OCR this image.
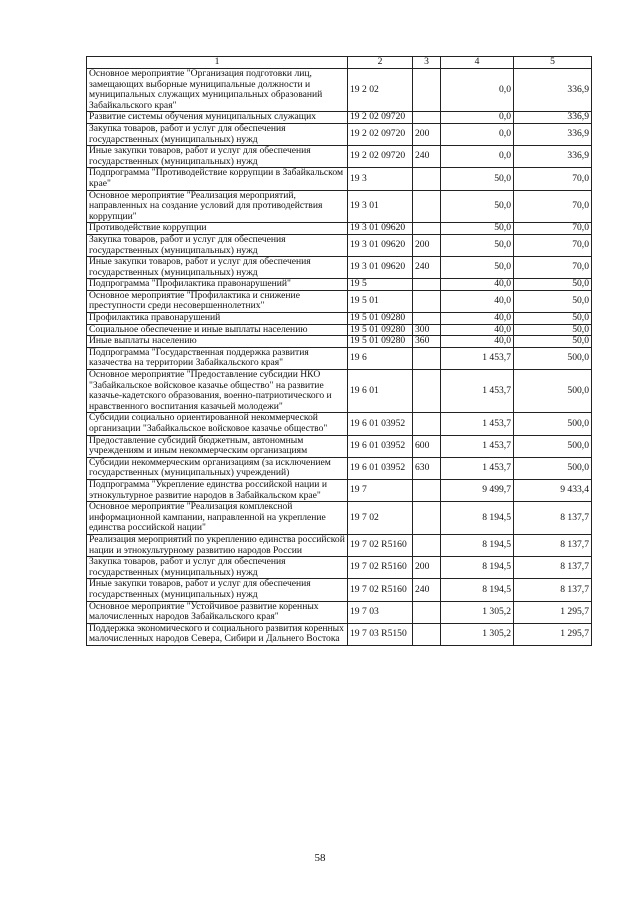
1	2	3	4	5
Основное мероприятие "Организация подготовки лиц, замещающих выборные муниципальные должности и муниципальных служащих муниципальных образований Забайкальского края"	19 2 02		0,0	336,9
Развитие системы обучения муниципальных служащих	19 2 02 09720		0,0	336,9
Закупка товаров, работ и услуг для обеспечения государственных (муниципальных) нужд	19 2 02 09720	200	0,0	336,9
Иные закупки товаров, работ и услуг для обеспечения государственных (муниципальных) нужд	19 2 02 09720	240	0,0	336,9
Подпрограмма "Противодействие коррупции в Забайкальском крае"	19 3		50,0	70,0
Основное мероприятие "Реализация мероприятий, направленных на создание условий для противодействия коррупции"	19 3 01		50,0	70,0
Противодействие коррупции	19 3 01 09620		50,0	70,0
Закупка товаров, работ и услуг для обеспечения государственных (муниципальных) нужд	19 3 01 09620	200	50,0	70,0
Иные закупки товаров, работ и услуг для обеспечения государственных (муниципальных) нужд	19 3 01 09620	240	50,0	70,0
Подпрограмма "Профилактика правонарушений"	19 5		40,0	50,0
Основное мероприятие "Профилактика и снижение преступности среди несовершеннолетних"	19 5 01		40,0	50,0
Профилактика правонарушений	19 5 01 09280		40,0	50,0
Социальное обеспечение и иные выплаты населению	19 5 01 09280	300	40,0	50,0
Иные выплаты населению	19 5 01 09280	360	40,0	50,0
Подпрограмма "Государственная поддержка развития казачества на территории Забайкальского края"	19 6		1 453,7	500,0
Основное мероприятие "Предоставление субсидии НКО "Забайкальское войсковое казачье общество" на развитие казачье-кадетского образования, военно-патриотического и нравственного воспитания казачьей молодежи"	19 6 01		1 453,7	500,0
Субсидии социально ориентированной некоммерческой организации "Забайкальское войсковое казачье общество"	19 6 01 03952		1 453,7	500,0
Предоставление субсидий бюджетным, автономным учреждениям и иным некоммерческим организациям	19 6 01 03952	600	1 453,7	500,0
Субсидии некоммерческим организациям (за исключением государственных (муниципальных) учреждений)	19 6 01 03952	630	1 453,7	500,0
Подпрограмма "Укрепление единства российской нации и этнокультурное развитие народов в Забайкальском крае"	19 7		9 499,7	9 433,4
Основное мероприятие "Реализация комплексной информационной кампании, направленной на укрепление единства российской нации"	19 7 02		8 194,5	8 137,7
Реализация мероприятий по укреплению единства российской нации и этнокультурному развитию народов России	19 7 02 R5160		8 194,5	8 137,7
Закупка товаров, работ и услуг для обеспечения государственных (муниципальных) нужд	19 7 02 R5160	200	8 194,5	8 137,7
Иные закупки товаров, работ и услуг для обеспечения государственных (муниципальных) нужд	19 7 02 R5160	240	8 194,5	8 137,7
Основное мероприятие "Устойчивое развитие коренных малочисленных народов Забайкальского края"	19 7 03		1 305,2	1 295,7
Поддержка экономического и социального развития коренных малочисленных народов Севера, Сибири и Дальнего Востока	19 7 03 R5150		1 305,2	1 295,7
58
